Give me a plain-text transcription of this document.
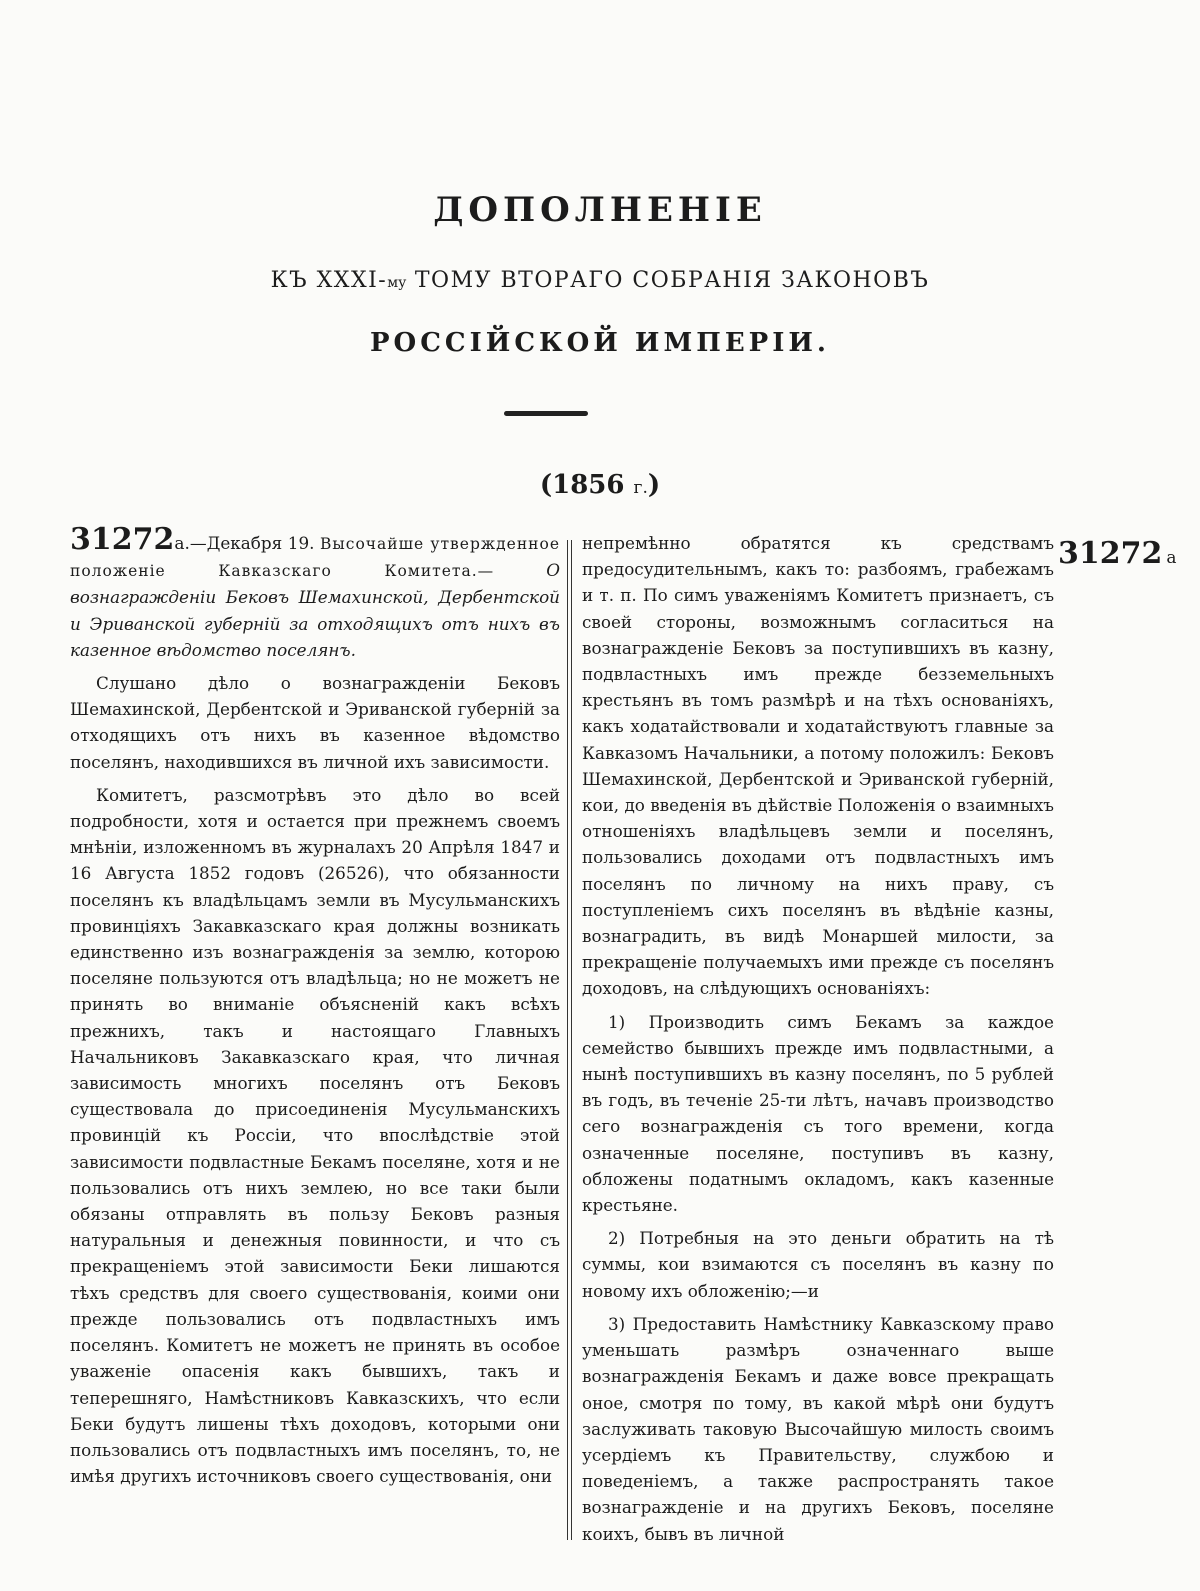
ДОПОЛНЕНІЕ
КЪ XXXI-му ТОМУ ВТОРАГО СОБРАНІЯ ЗАКОНОВЪ
РОССІЙСКОЙ ИМПЕРІИ.
(1856 г.)

31272а.—Декабря 19. Высочайше утвержденное положеніе Кавказскаго Комитета.—	О вознагражденіи Бековъ Шемахинской, Дербентской и Эриванской губерній за отходящихъ отъ нихъ въ казенное вѣдомство поселянъ.

Слушано дѣло о вознагражденіи Бековъ Шемахинской, Дербентской и Эриванской губерній за отходящихъ отъ нихъ въ казенное вѣдомство поселянъ, находившихся въ личной ихъ зависимости.

Комитетъ, разсмотрѣвъ это дѣло во всей подробности, хотя и остается при прежнемъ своемъ мнѣніи, изложенномъ въ журналахъ 20 Апрѣля 1847 и 16 Августа 1852 годовъ (26526), что обязанности поселянъ къ владѣльцамъ земли въ Мусульманскихъ провинціяхъ Закавказскаго края должны возникать единственно изъ вознагражденія за землю, которою поселяне пользуются отъ владѣльца; но не можетъ не принять во вниманіе объясненій какъ всѣхъ прежнихъ, такъ и настоящаго Главныхъ Начальниковъ Закавказскаго края, что личная зависимость многихъ поселянъ отъ Бековъ существовала до присоединенія Мусульманскихъ провинцій къ Россіи, что впослѣдствіе этой зависимости подвластные Бекамъ поселяне, хотя и не пользовались отъ нихъ землею, но все таки были обязаны отправлять въ пользу Бековъ разныя натуральныя и денежныя повинности, и что съ прекращеніемъ этой зависимости Беки лишаются тѣхъ средствъ для своего существованія, коими они прежде пользовались отъ подвластныхъ имъ поселянъ. Комитетъ не можетъ не принять въ особое уваженіе опасенія какъ бывшихъ, такъ и теперешняго, Намѣстниковъ Кавказскихъ, что если Беки будутъ лишены тѣхъ доходовъ, которыми они пользовались отъ подвластныхъ имъ поселянъ, то, не имѣя другихъ источниковъ своего существованія, они

непремѣнно обратятся къ средствамъ предосудительнымъ, какъ то: разбоямъ, грабежамъ и т. п. По симъ уваженіямъ Комитетъ признаетъ, съ своей стороны, возможнымъ согласиться на вознагражденіе Бековъ за поступившихъ въ казну, подвластныхъ имъ прежде безземельныхъ крестьянъ въ томъ размѣрѣ и на тѣхъ основаніяхъ, какъ ходатайствовали и ходатайствуютъ главные за Кавказомъ Начальники, а потому положилъ: Бековъ Шемахинской, Дербентской и Эриванской губерній, кои, до введенія въ дѣйствіе Положенія о взаимныхъ отношеніяхъ владѣльцевъ земли и поселянъ, пользовались доходами отъ подвластныхъ имъ поселянъ по личному на нихъ праву, съ поступленіемъ сихъ поселянъ въ вѣдѣніе казны, вознаградить, въ видѣ Монаршей милости, за прекращеніе получаемыхъ ими прежде съ поселянъ доходовъ, на слѣдующихъ основаніяхъ:

1) Производить симъ Бекамъ за каждое семейство бывшихъ прежде имъ подвластными, а нынѣ поступившихъ въ казну поселянъ, по 5 рублей въ годъ, въ теченіе 25-ти лѣтъ, начавъ производство сего вознагражденія съ того времени, когда означенные поселяне, поступивъ въ казну, обложены податнымъ окладомъ, какъ казенные крестьяне.

2) Потребныя на это деньги обратить на тѣ суммы, кои взимаются съ поселянъ въ казну по новому ихъ обложенію;—и

3) Предоставить Намѣстнику Кавказскому право уменьшать размѣръ означеннаго выше вознагражденія Бекамъ и даже вовсе прекращать оное, смотря по тому, въ какой мѣрѣ они будутъ заслуживать таковую Высочайшую милость своимъ усердіемъ къ Правительству, службою и поведеніемъ, а также распространять такое вознагражденіе и на другихъ Бековъ, поселяне коихъ, бывъ въ личной

31272 а
